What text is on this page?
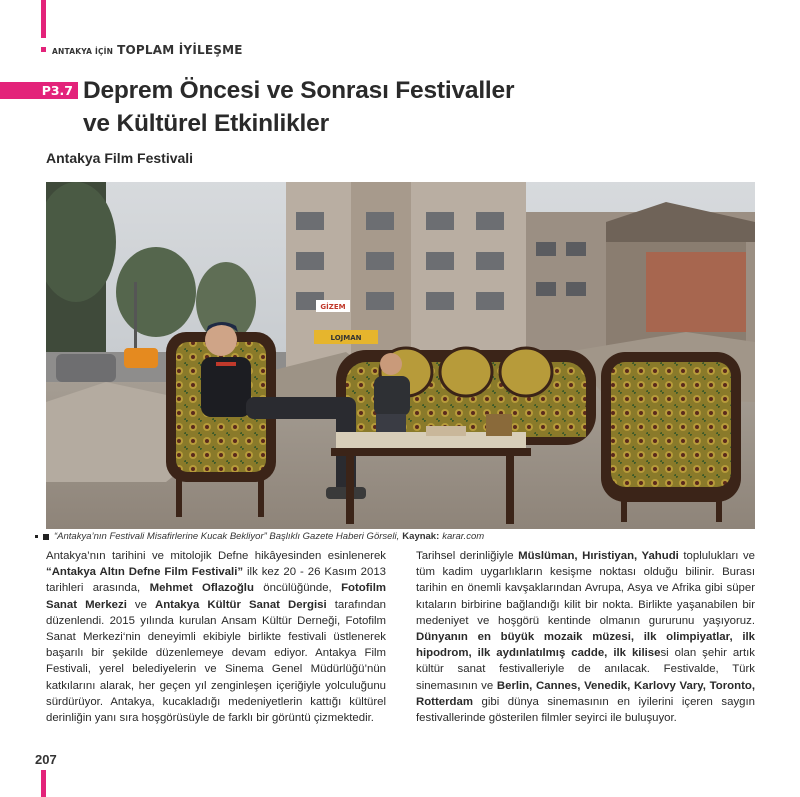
ANTAKYA İÇİN TOPLAM İYİLEŞME
P3.7 Deprem Öncesi ve Sonrası Festivaller
ve Kültürel Etkinlikler
Antakya Film Festivali
GİZEM
LOJMAN
“Antakya’nın Festivali Misafirlerine Kucak Bekliyor” Başlıklı Gazete Haberi Görseli, Kaynak: karar.com
Antakya’nın tarihini ve mitolojik Defne hikâyesinden esinlenerek “Antakya Altın Defne Film Festivali” ilk kez 20 - 26 Kasım 2013 tarihleri arasında, Mehmet Oflazoğlu öncülüğünde, Fotofilm Sanat Merkezi ve Antakya Kültür Sanat Dergisi tarafından düzenlendi. 2015 yılında kurulan Ansam Kültür Derneği, Fotofilm Sanat Merkezi‘nin deneyimli ekibiyle birlikte festivali üstlenerek başarılı bir şekilde düzenlemeye devam ediyor. Antakya Film Festivali, yerel belediyelerin ve Sinema Genel Müdürlüğü’nün katkılarını alarak, her geçen yıl zenginleşen içeriğiyle yolculuğunu sürdürüyor. Antakya, kucakladığı medeniyetlerin kattığı kültürel derinliğin yanı sıra hoşgörüsüyle de farklı bir görüntü çizmektedir.
Tarihsel derinliğiyle Müslüman, Hıristiyan, Yahudi toplulukları ve tüm kadim uygarlıkların kesişme noktası olduğu bilinir. Burası tarihin en önemli kavşaklarından Avrupa, Asya ve Afrika gibi süper kıtaların birbirine bağlandığı kilit bir nokta. Birlikte yaşanabilen bir medeniyet ve hoşgörü kentinde olmanın gururunu yaşıyoruz. Dünyanın en büyük mozaik müzesi, ilk olimpiyatlar, ilk hipodrom, ilk aydınlatılmış cadde, ilk kilisesi olan şehir artık kültür sanat festivalleriyle de anılacak. Festivalde, Türk sinemasının ve Berlin, Cannes, Venedik, Karlovy Vary, Toronto, Rotterdam gibi dünya sinemasının en iyilerini içeren saygın festivallerinde gösterilen filmler seyirci ile buluşuyor.
207
